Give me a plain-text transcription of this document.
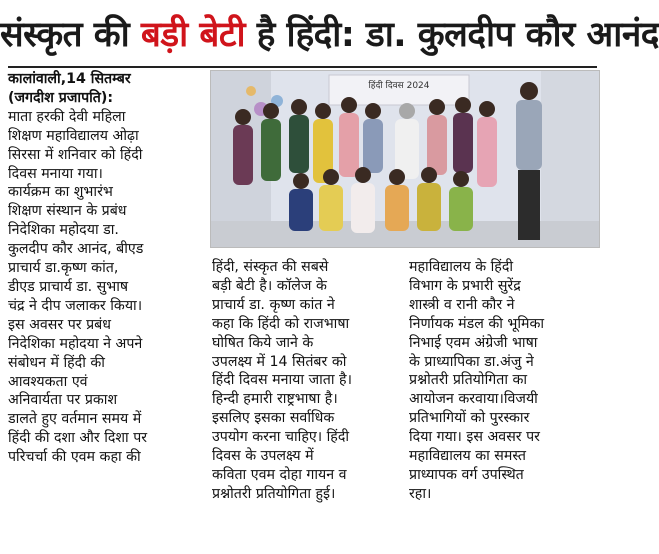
संस्कृत की बड़ी बेटी है हिंदी: डा. कुलदीप कौर आनंद
कालांवाली,14 सितम्बर
(जगदीश प्रजापति):
माता हरकी देवी महिला
शिक्षण महाविद्यालय ओढ़ा
सिरसा में शनिवार को हिंदी
दिवस मनाया गया।
कार्यक्रम का शुभारंभ
शिक्षण संस्थान के प्रबंध
निदेशिका महोदया डा.
कुलदीप कौर आनंद, बीएड
प्राचार्य डा.कृष्ण कांत,
डीएड प्राचार्य डा. सुभाष
चंद्र ने दीप जलाकर किया।
इस अवसर पर प्रबंध
निदेशिका महोदया ने अपने
संबोधन में हिंदी की
आवश्यकता एवं
अनिवार्यता पर प्रकाश
डालते हुए वर्तमान समय में
हिंदी की दशा और दिशा पर
परिचर्चा की एवम कहा की
हिंदी दिवस 2024
हिंदी, संस्कृत की सबसे
बड़ी बेटी है। कॉलेज के
प्राचार्य डा. कृष्ण कांत ने
कहा कि हिंदी को राजभाषा
घोषित किये जाने के
उपलक्ष्य में 14 सितंबर को
हिंदी दिवस मनाया जाता है।
हिन्दी हमारी राष्ट्रभाषा है।
इसलिए इसका सर्वाधिक
उपयोग करना चाहिए। हिंदी
दिवस के उपलक्ष्य में
कविता एवम दोहा गायन व
प्रश्नोतरी प्रतियोगिता हुई।
महाविद्यालय के हिंदी
विभाग के प्रभारी सुरेंद्र
शास्त्री व रानी कौर ने
निर्णायक मंडल की भूमिका
निभाई एवम अंग्रेजी भाषा
के प्राध्यापिका डा.अंजु ने
प्रश्नोतरी प्रतियोगिता का
आयोजन करवाया।विजयी
प्रतिभागियों को पुरस्कार
दिया गया। इस अवसर पर
महाविद्यालय का समस्त
प्राध्यापक वर्ग उपस्थित
रहा।
